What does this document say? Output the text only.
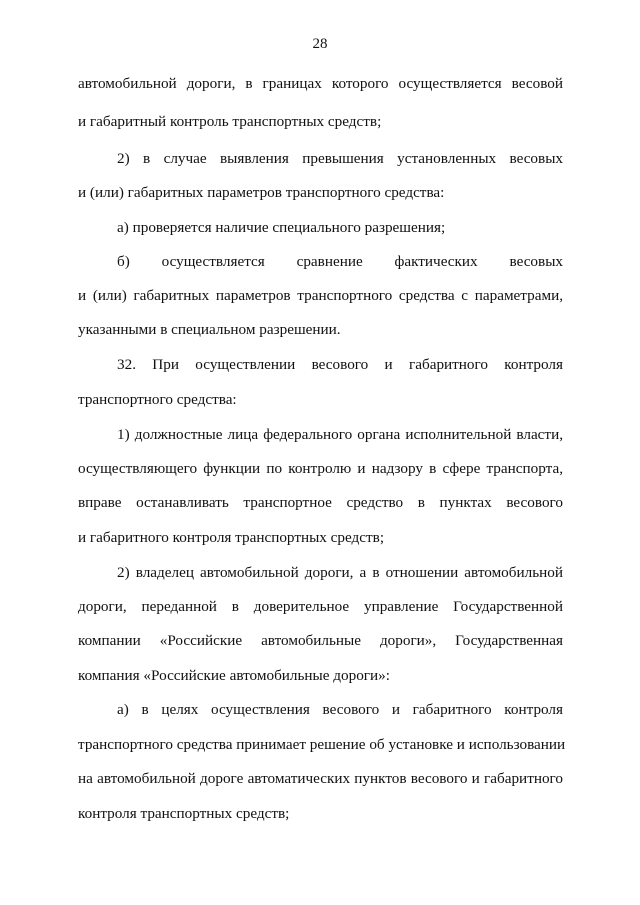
28
автомобильной дороги, в границах которого осуществляется весовой
и габаритный контроль транспортных средств;
2) в случае выявления превышения установленных весовых
и (или) габаритных параметров транспортного средства:
а) проверяется наличие специального разрешения;
б) осуществляется сравнение фактических весовых
и (или) габаритных параметров транспортного средства с параметрами,
указанными в специальном разрешении.
32. При осуществлении весового и габаритного контроля
транспортного средства:
1) должностные лица федерального органа исполнительной власти,
осуществляющего функции по контролю и надзору в сфере транспорта,
вправе останавливать транспортное средство в пунктах весового
и габаритного контроля транспортных средств;
2) владелец автомобильной дороги, а в отношении автомобильной
дороги, переданной в доверительное управление Государственной
компании «Российские автомобильные дороги», Государственная
компания «Российские автомобильные дороги»:
а) в целях осуществления весового и габаритного контроля
транспортного средства принимает решение об установке и использовании
на автомобильной дороге автоматических пунктов весового и габаритного
контроля транспортных средств;
